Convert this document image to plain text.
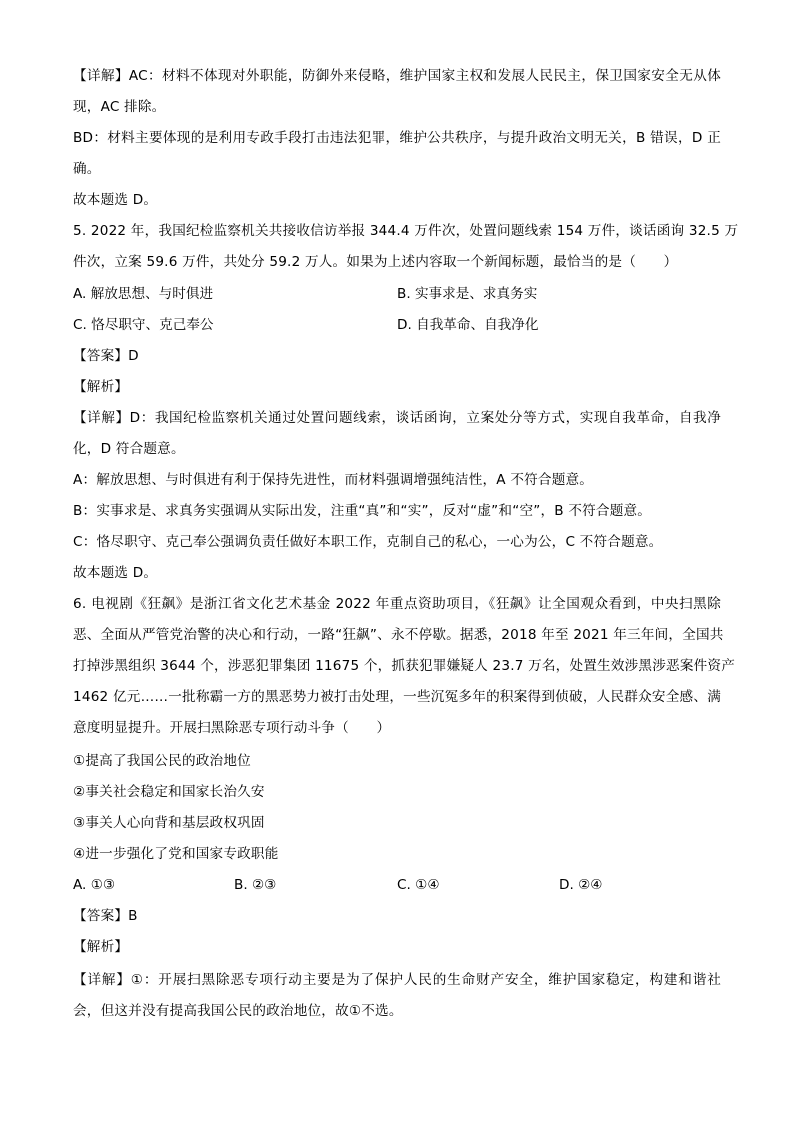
【详解】AC：材料不体现对外职能，防御外来侵略，维护国家主权和发展人民民主，保卫国家安全无从体
现，AC 排除。
BD：材料主要体现的是利用专政手段打击违法犯罪，维护公共秩序，与提升政治文明无关，B 错误，D 正
确。
故本题选 D。
5. 2022 年，我国纪检监察机关共接收信访举报 344.4 万件次，处置问题线索 154 万件，谈话函询 32.5 万
件次，立案 59.6 万件，共处分 59.2 万人。如果为上述内容取一个新闻标题，最恰当的是（　　）
A. 解放思想、与时俱进	B. 实事求是、求真务实
C. 恪尽职守、克己奉公	D. 自我革命、自我净化
【答案】D
【解析】
【详解】D：我国纪检监察机关通过处置问题线索，谈话函询，立案处分等方式，实现自我革命，自我净
化，D 符合题意。
A：解放思想、与时俱进有利于保持先进性，而材料强调增强纯洁性，A 不符合题意。
B：实事求是、求真务实强调从实际出发，注重“真”和“实”，反对“虚”和“空”，B 不符合题意。
C：恪尽职守、克己奉公强调负责任做好本职工作，克制自己的私心，一心为公，C 不符合题意。
故本题选 D。
6. 电视剧《狂飙》是浙江省文化艺术基金 2022 年重点资助项目，《狂飙》让全国观众看到，中央扫黑除
恶、全面从严管党治警的决心和行动，一路“狂飙”、永不停歇。据悉，2018 年至 2021 年三年间，全国共
打掉涉黑组织 3644 个，涉恶犯罪集团 11675 个，抓获犯罪嫌疑人 23.7 万名，处置生效涉黑涉恶案件资产
1462 亿元……一批称霸一方的黑恶势力被打击处理，一些沉冤多年的积案得到侦破，人民群众安全感、满
意度明显提升。开展扫黑除恶专项行动斗争（　　）
①提高了我国公民的政治地位
②事关社会稳定和国家长治久安
③事关人心向背和基层政权巩固
④进一步强化了党和国家专政职能
A. ①③	B. ②③	C. ①④	D. ②④
【答案】B
【解析】
【详解】①：开展扫黑除恶专项行动主要是为了保护人民的生命财产安全，维护国家稳定，构建和谐社
会，但这并没有提高我国公民的政治地位，故①不选。
